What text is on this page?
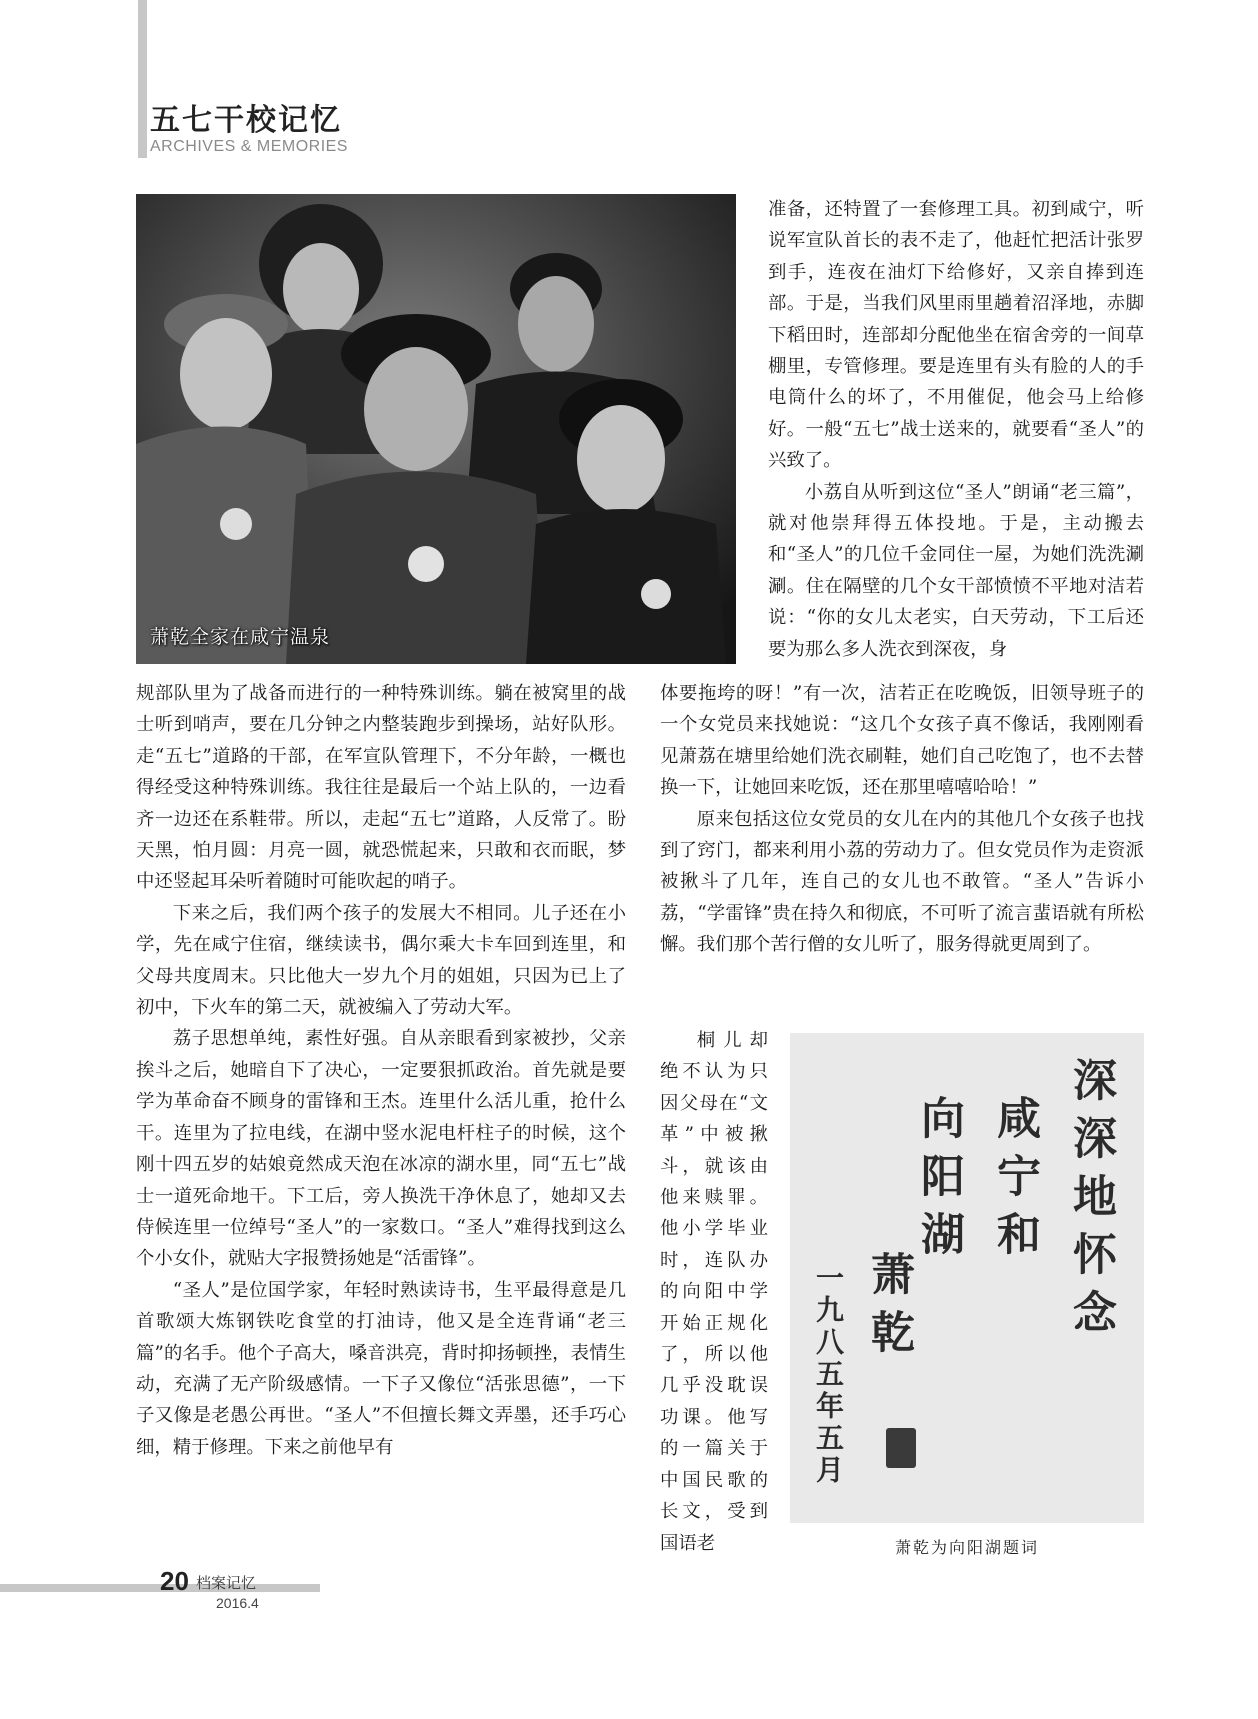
五七干校记忆
ARCHIVES & MEMORIES
萧乾全家在咸宁温泉

准备，还特置了一套修理工具。初到咸宁，听说军宣队首长的表不走了，他赶忙把活计张罗到手，连夜在油灯下给修好，又亲自捧到连部。于是，当我们风里雨里趟着沼泽地，赤脚下稻田时，连部却分配他坐在宿舍旁的一间草棚里，专管修理。要是连里有头有脸的人的手电筒什么的坏了，不用催促，他会马上给修好。一般“五七”战士送来的，就要看“圣人”的兴致了。

小荔自从听到这位“圣人”朗诵“老三篇”，就对他崇拜得五体投地。于是，主动搬去和“圣人”的几位千金同住一屋，为她们洗洗涮涮。住在隔壁的几个女干部愤愤不平地对洁若说：“你的女儿太老实，白天劳动，下工后还要为那么多人洗衣到深夜，身

体要拖垮的呀！”有一次，洁若正在吃晚饭，旧领导班子的一个女党员来找她说：“这几个女孩子真不像话，我刚刚看见萧荔在塘里给她们洗衣刷鞋，她们自己吃饱了，也不去替换一下，让她回来吃饭，还在那里嘻嘻哈哈！”

原来包括这位女党员的女儿在内的其他几个女孩子也找到了窍门，都来利用小荔的劳动力了。但女党员作为走资派被揪斗了几年，连自己的女儿也不敢管。“圣人”告诉小荔，“学雷锋”贵在持久和彻底，不可听了流言蜚语就有所松懈。我们那个苦行僧的女儿听了，服务得就更周到了。

规部队里为了战备而进行的一种特殊训练。躺在被窝里的战士听到哨声，要在几分钟之内整装跑步到操场，站好队形。走“五七”道路的干部，在军宣队管理下，不分年龄，一概也得经受这种特殊训练。我往往是最后一个站上队的，一边看齐一边还在系鞋带。所以，走起“五七”道路，人反常了。盼天黑，怕月圆：月亮一圆，就恐慌起来，只敢和衣而眠，梦中还竖起耳朵听着随时可能吹起的哨子。

下来之后，我们两个孩子的发展大不相同。儿子还在小学，先在咸宁住宿，继续读书，偶尔乘大卡车回到连里，和父母共度周末。只比他大一岁九个月的姐姐，只因为已上了初中，下火车的第二天，就被编入了劳动大军。

荔子思想单纯，素性好强。自从亲眼看到家被抄，父亲挨斗之后，她暗自下了决心，一定要狠抓政治。首先就是要学为革命奋不顾身的雷锋和王杰。连里什么活儿重，抢什么干。连里为了拉电线，在湖中竖水泥电杆柱子的时候，这个刚十四五岁的姑娘竟然成天泡在冰凉的湖水里，同“五七”战士一道死命地干。下工后，旁人换洗干净休息了，她却又去侍候连里一位绰号“圣人”的一家数口。“圣人”难得找到这么个小女仆，就贴大字报赞扬她是“活雷锋”。

“圣人”是位国学家，年轻时熟读诗书，生平最得意是几首歌颂大炼钢铁吃食堂的打油诗，他又是全连背诵“老三篇”的名手。他个子高大，嗓音洪亮，背时抑扬顿挫，表情生动，充满了无产阶级感情。一下子又像位“活张思德”，一下子又像是老愚公再世。“圣人”不但擅长舞文弄墨，还手巧心细，精于修理。下来之前他早有

桐儿却绝不认为只因父母在“文革”中被揪斗，就该由他来赎罪。他小学毕业时，连队办的向阳中学开始正规化了，所以他几乎没耽误功课。他写的一篇关于中国民歌的长文，受到国语老

深深地怀念
咸宁和
向阳湖
萧乾
一九八五年五月
萧乾为向阳湖题词
20 档案记忆
2016.4
